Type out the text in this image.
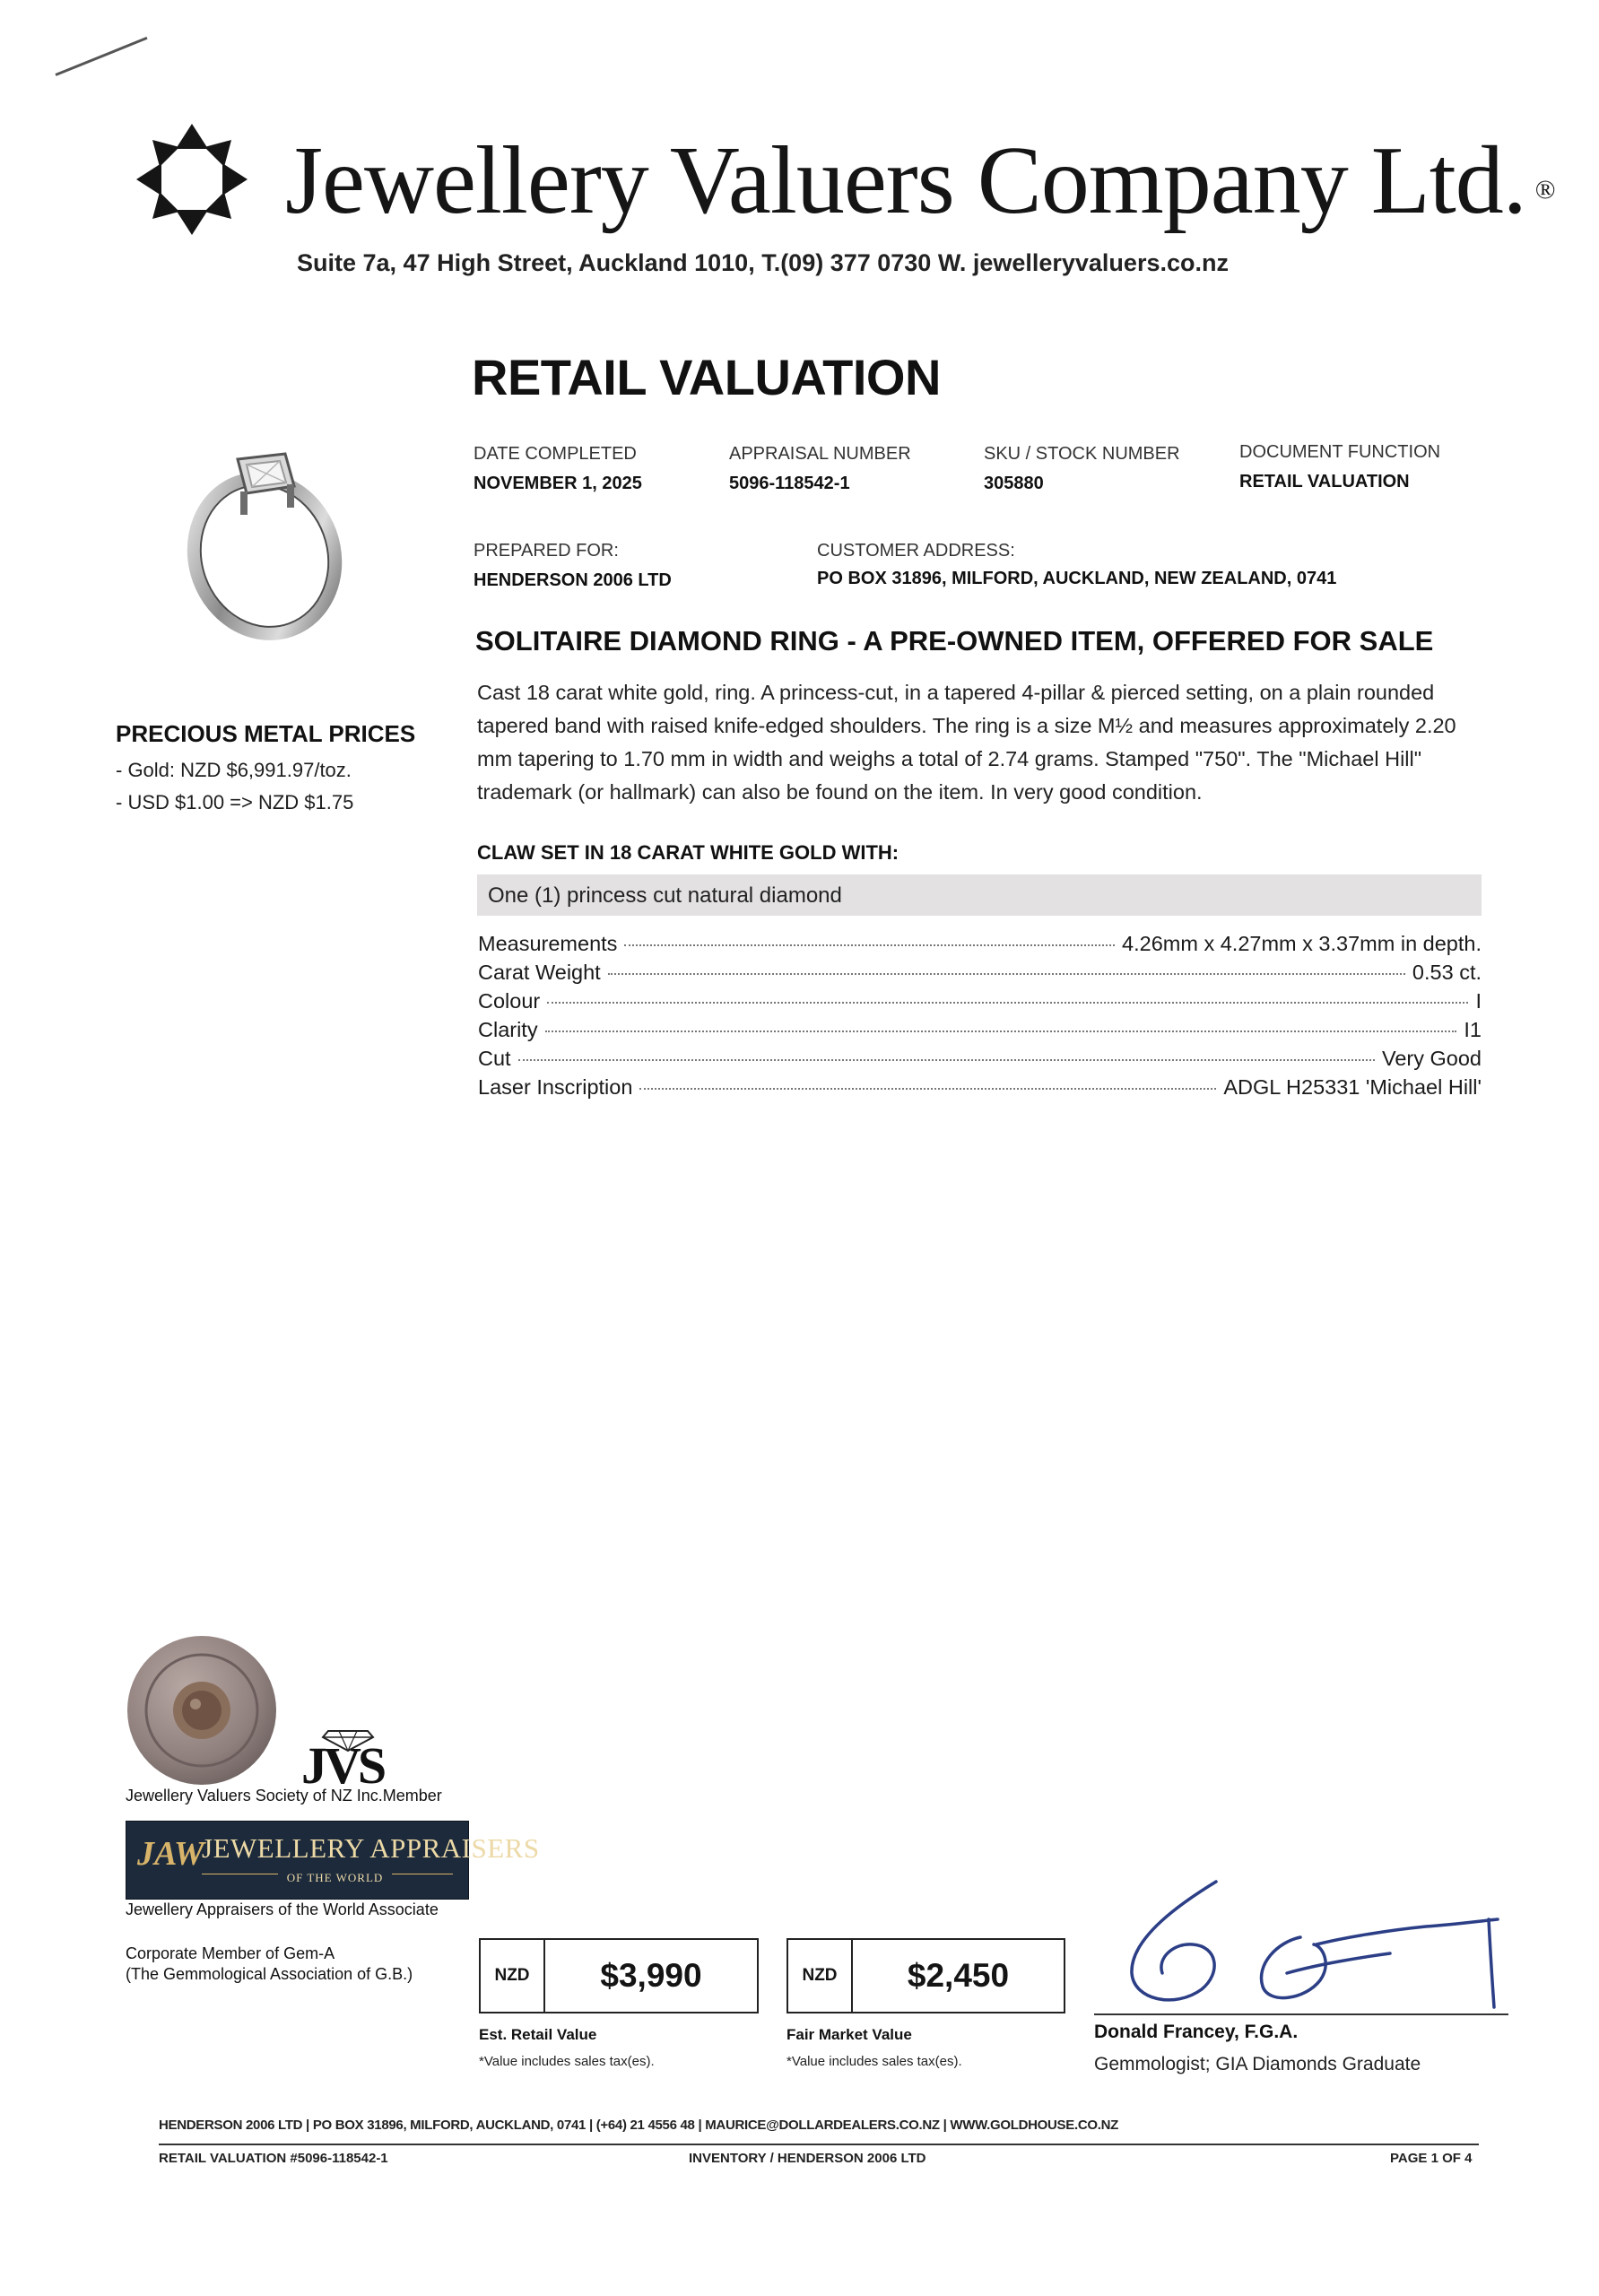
Jewellery Valuers Company Ltd. ®
Suite 7a, 47 High Street, Auckland 1010, T.(09) 377 0730 W. jewelleryvaluers.co.nz
RETAIL VALUATION
DATE COMPLETED
NOVEMBER 1, 2025
APPRAISAL NUMBER
5096-118542-1
SKU / STOCK NUMBER
305880
DOCUMENT FUNCTION
RETAIL VALUATION
PREPARED FOR:
HENDERSON 2006 LTD
CUSTOMER ADDRESS:
PO BOX 31896, MILFORD, AUCKLAND, NEW ZEALAND, 0741
SOLITAIRE DIAMOND RING - A PRE-OWNED ITEM, OFFERED FOR SALE
Cast 18 carat white gold, ring. A princess-cut, in a tapered 4-pillar & pierced setting, on a plain rounded tapered band with raised knife-edged shoulders. The ring is a size M½ and measures approximately 2.20 mm tapering to 1.70 mm in width and weighs a total of 2.74 grams. Stamped "750". The "Michael Hill" trademark (or hallmark) can also be found on the item. In very good condition.
PRECIOUS METAL PRICES
- Gold: NZD $6,991.97/toz.
- USD $1.00 => NZD $1.75
CLAW SET IN 18 CARAT WHITE GOLD WITH:
One (1) princess cut natural diamond
Measurements	4.26mm x 4.27mm x 3.37mm in depth.
Carat Weight	0.53 ct.
Colour	I
Clarity	I1
Cut	Very Good
Laser Inscription	ADGL H25331 'Michael Hill'
JVS
Jewellery Valuers Society of NZ Inc.Member
JAW
JEWELLERY APPRAISERS
OF THE WORLD
Jewellery Appraisers of the World Associate
Corporate Member of Gem-A
(The Gemmological Association of G.B.)	NZD	$3,990
Est. Retail Value
*Value includes sales tax(es).
NZD	$2,450
Fair Market Value
*Value includes sales tax(es).
Donald Francey, F.G.A.
Gemmologist; GIA Diamonds Graduate
HENDERSON 2006 LTD | PO BOX 31896, MILFORD, AUCKLAND, 0741 | (+64) 21 4556 48 | MAURICE@DOLLARDEALERS.CO.NZ | WWW.GOLDHOUSE.CO.NZ
RETAIL VALUATION #5096-118542-1	INVENTORY / HENDERSON 2006 LTD	PAGE 1 OF 4
